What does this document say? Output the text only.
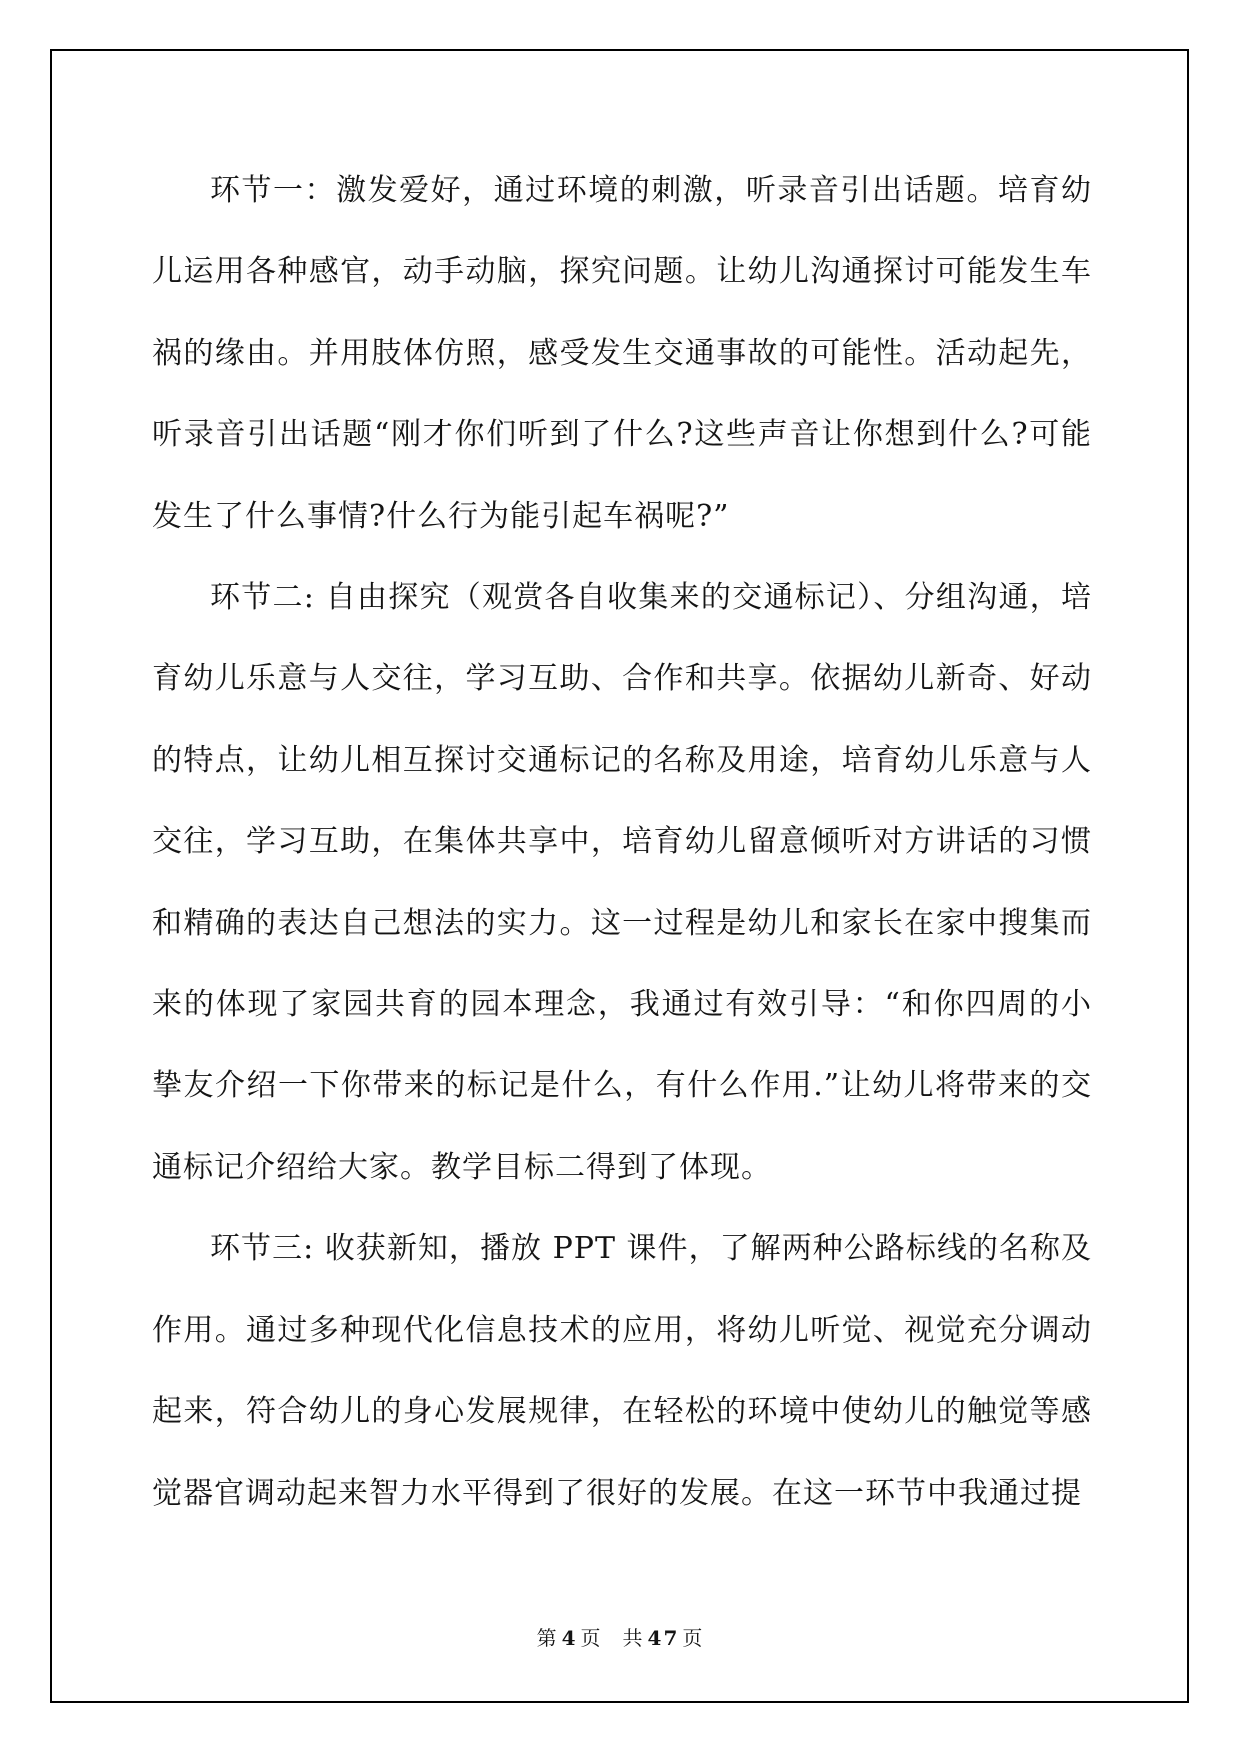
环节一：激发爱好，通过环境的刺激，听录音引出话题。培育幼儿运用各种感官，动手动脑，探究问题。让幼儿沟通探讨可能发生车祸的缘由。并用肢体仿照，感受发生交通事故的可能性。活动起先，听录音引出话题“刚才你们听到了什么?这些声音让你想到什么?可能发生了什么事情?什么行为能引起车祸呢?”

环节二: 自由探究（观赏各自收集来的交通标记）、分组沟通，培育幼儿乐意与人交往，学习互助、合作和共享。依据幼儿新奇、好动的特点，让幼儿相互探讨交通标记的名称及用途，培育幼儿乐意与人交往，学习互助，在集体共享中，培育幼儿留意倾听对方讲话的习惯和精确的表达自己想法的实力。这一过程是幼儿和家长在家中搜集而来的体现了家园共育的园本理念，我通过有效引导：“和你四周的小挚友介绍一下你带来的标记是什么，有什么作用.”让幼儿将带来的交通标记介绍给大家。教学目标二得到了体现。

环节三: 收获新知，播放 PPT 课件，了解两种公路标线的名称及作用。通过多种现代化信息技术的应用，将幼儿听觉、视觉充分调动起来，符合幼儿的身心发展规律，在轻松的环境中使幼儿的触觉等感觉器官调动起来智力水平得到了很好的发展。在这一环节中我通过提

第 4 页 共 47 页
